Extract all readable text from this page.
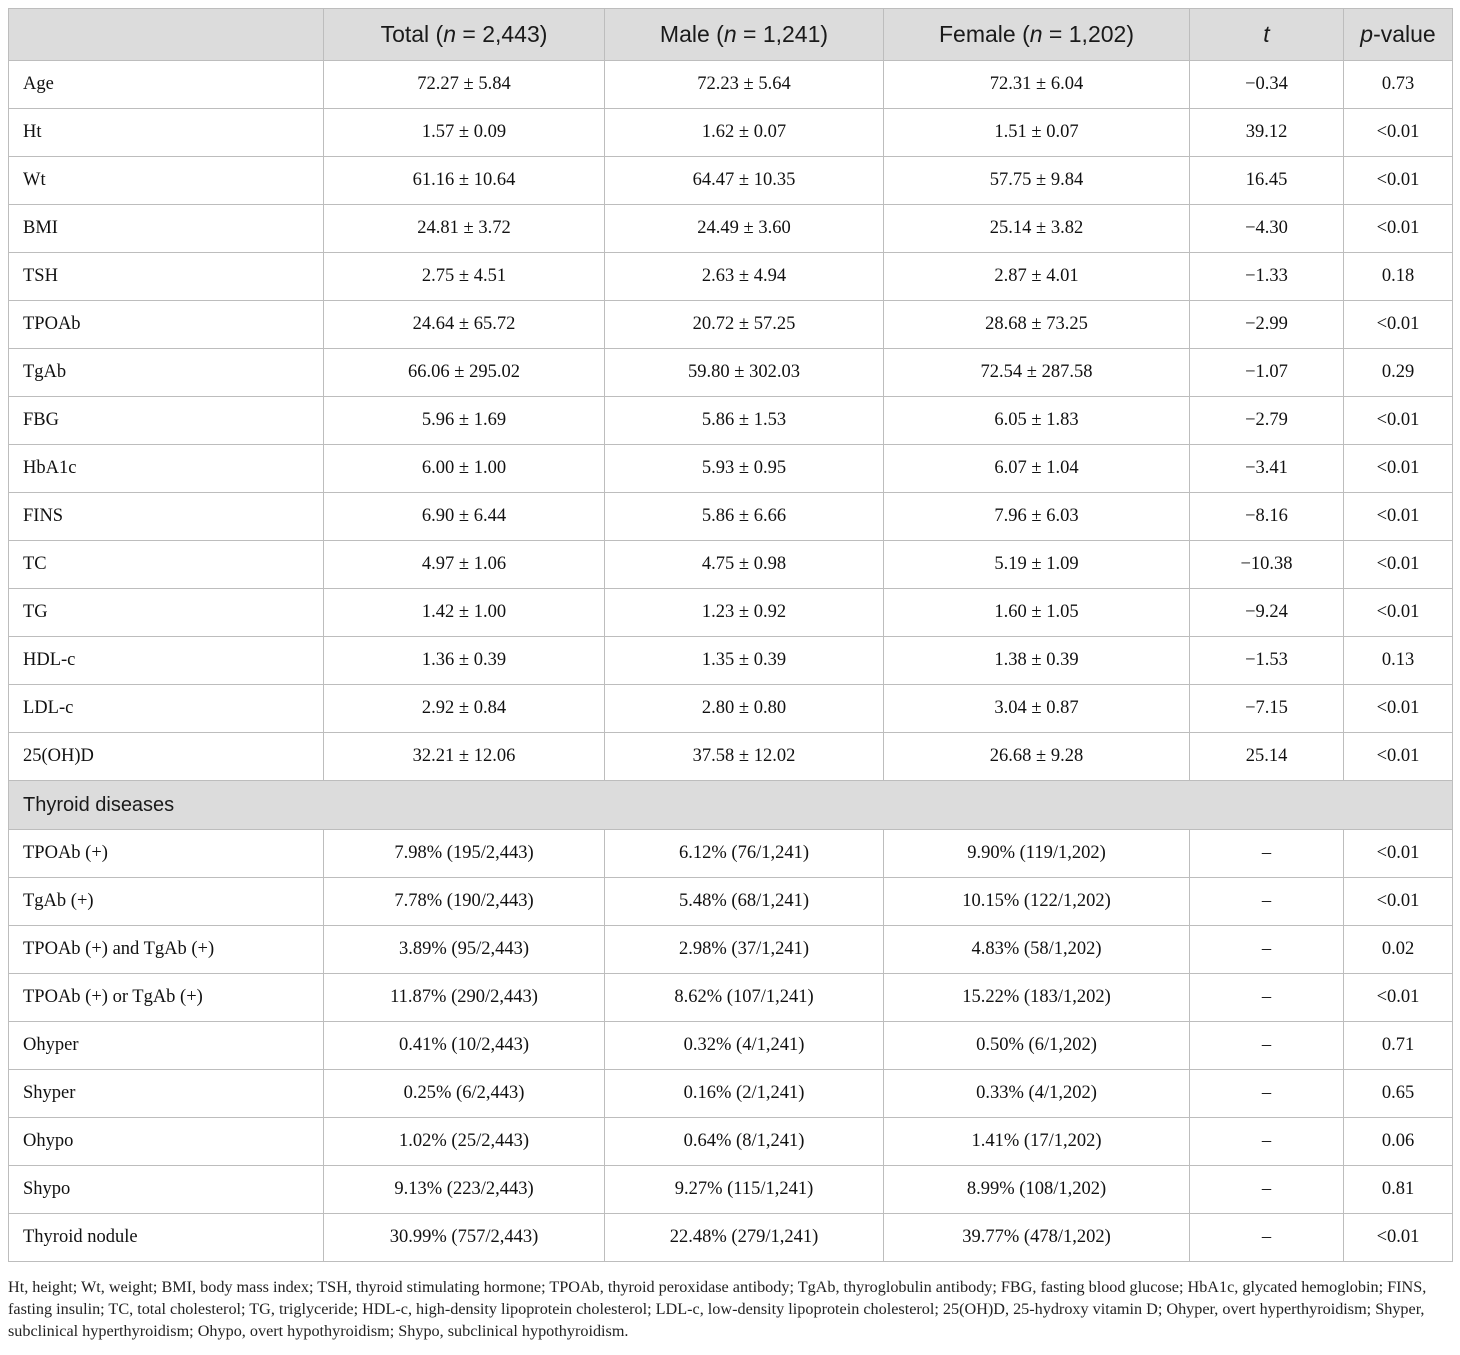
	Total (n = 2,443)	Male (n = 1,241)	Female (n = 1,202)	t	p-value
Age	72.27 ± 5.84	72.23 ± 5.64	72.31 ± 6.04	−0.34	0.73
Ht	1.57 ± 0.09	1.62 ± 0.07	1.51 ± 0.07	39.12	<0.01
Wt	61.16 ± 10.64	64.47 ± 10.35	57.75 ± 9.84	16.45	<0.01
BMI	24.81 ± 3.72	24.49 ± 3.60	25.14 ± 3.82	−4.30	<0.01
TSH	2.75 ± 4.51	2.63 ± 4.94	2.87 ± 4.01	−1.33	0.18
TPOAb	24.64 ± 65.72	20.72 ± 57.25	28.68 ± 73.25	−2.99	<0.01
TgAb	66.06 ± 295.02	59.80 ± 302.03	72.54 ± 287.58	−1.07	0.29
FBG	5.96 ± 1.69	5.86 ± 1.53	6.05 ± 1.83	−2.79	<0.01
HbA1c	6.00 ± 1.00	5.93 ± 0.95	6.07 ± 1.04	−3.41	<0.01
FINS	6.90 ± 6.44	5.86 ± 6.66	7.96 ± 6.03	−8.16	<0.01
TC	4.97 ± 1.06	4.75 ± 0.98	5.19 ± 1.09	−10.38	<0.01
TG	1.42 ± 1.00	1.23 ± 0.92	1.60 ± 1.05	−9.24	<0.01
HDL-c	1.36 ± 0.39	1.35 ± 0.39	1.38 ± 0.39	−1.53	0.13
LDL-c	2.92 ± 0.84	2.80 ± 0.80	3.04 ± 0.87	−7.15	<0.01
25(OH)D	32.21 ± 12.06	37.58 ± 12.02	26.68 ± 9.28	25.14	<0.01
Thyroid diseases					
TPOAb (+)	7.98% (195/2,443)	6.12% (76/1,241)	9.90% (119/1,202)	–	<0.01
TgAb (+)	7.78% (190/2,443)	5.48% (68/1,241)	10.15% (122/1,202)	–	<0.01
TPOAb (+) and TgAb (+)	3.89% (95/2,443)	2.98% (37/1,241)	4.83% (58/1,202)	–	0.02
TPOAb (+) or TgAb (+)	11.87% (290/2,443)	8.62% (107/1,241)	15.22% (183/1,202)	–	<0.01
Ohyper	0.41% (10/2,443)	0.32% (4/1,241)	0.50% (6/1,202)	–	0.71
Shyper	0.25% (6/2,443)	0.16% (2/1,241)	0.33% (4/1,202)	–	0.65
Ohypo	1.02% (25/2,443)	0.64% (8/1,241)	1.41% (17/1,202)	–	0.06
Shypo	9.13% (223/2,443)	9.27% (115/1,241)	8.99% (108/1,202)	–	0.81
Thyroid nodule	30.99% (757/2,443)	22.48% (279/1,241)	39.77% (478/1,202)	–	<0.01
Ht, height; Wt, weight; BMI, body mass index; TSH, thyroid stimulating hormone; TPOAb, thyroid peroxidase antibody; TgAb, thyroglobulin antibody; FBG, fasting blood glucose; HbA1c, glycated hemoglobin; FINS, fasting insulin; TC, total cholesterol; TG, triglyceride; HDL-c, high-density lipoprotein cholesterol; LDL-c, low-density lipoprotein cholesterol; 25(OH)D, 25-hydroxy vitamin D; Ohyper, overt hyperthyroidism; Shyper, subclinical hyperthyroidism; Ohypo, overt hypothyroidism; Shypo, subclinical hypothyroidism.
